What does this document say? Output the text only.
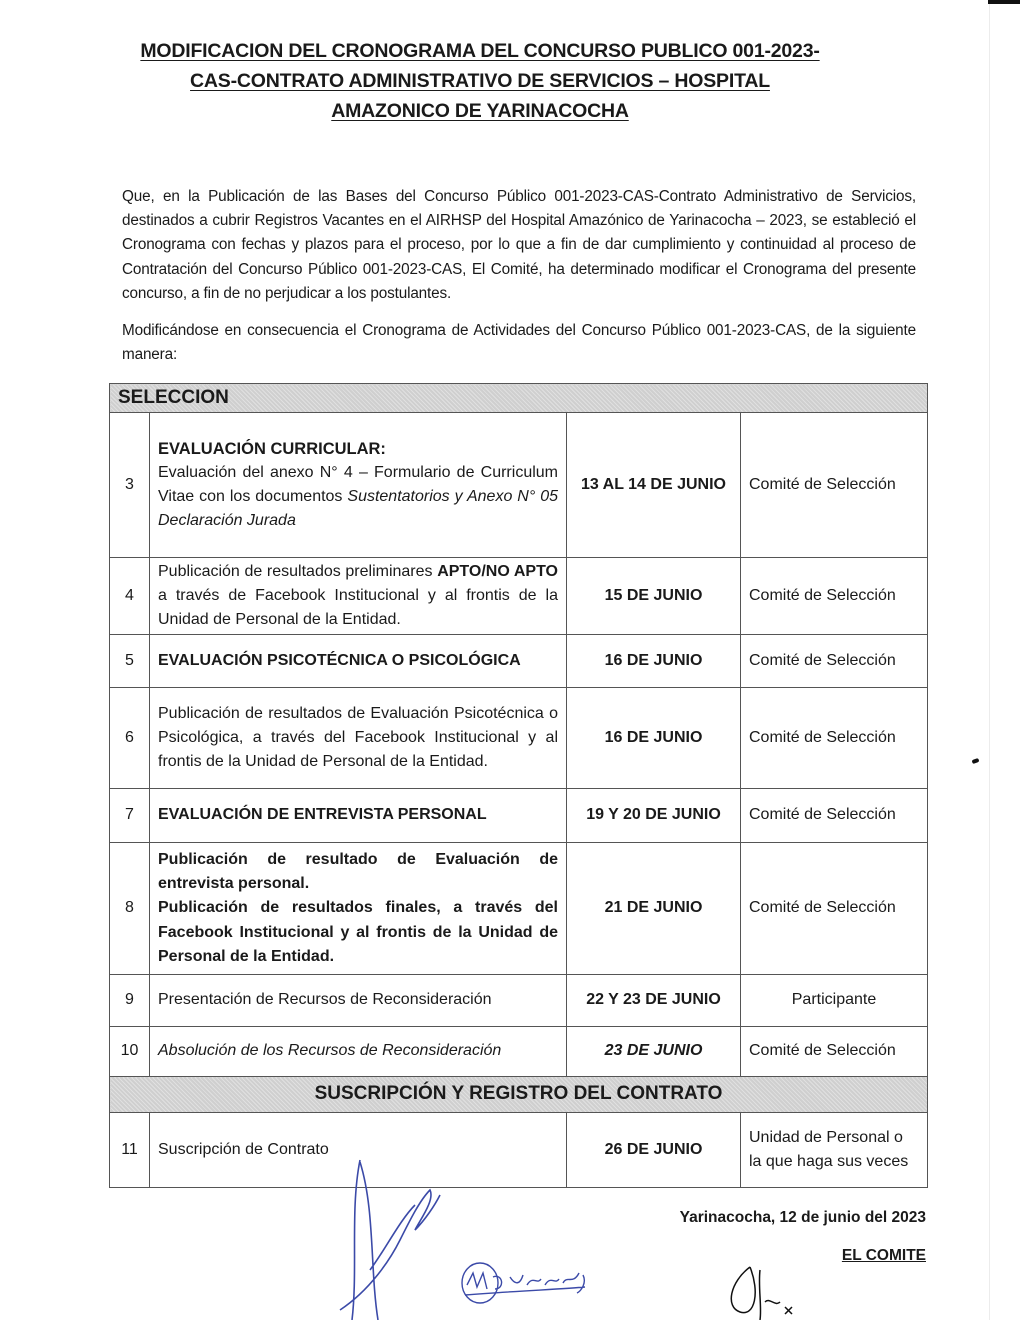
MODIFICACION DEL CRONOGRAMA DEL CONCURSO PUBLICO 001-2023-
CAS-CONTRATO ADMINISTRATIVO DE SERVICIOS – HOSPITAL
AMAZONICO DE YARINACOCHA

Que, en la Publicación de las Bases del Concurso Público 001-2023-CAS-Contrato Administrativo de Servicios, destinados a cubrir Registros Vacantes en el AIRHSP del Hospital Amazónico de Yarinacocha – 2023, se estableció el Cronograma con fechas y plazos para el proceso, por lo que a fin de dar cumplimiento y continuidad al proceso de Contratación del Concurso Público 001-2023-CAS, El Comité, ha determinado modificar el Cronograma del presente concurso, a fin de no perjudicar a los postulantes.

Modificándose en consecuencia el Cronograma de Actividades del Concurso Público 001-2023-CAS, de la siguiente manera:

SELECCION			
3	EVALUACIÓN CURRICULAR:
Evaluación del anexo N° 4 – Formulario de Curriculum Vitae con los documentos Sustentatorios y Anexo N° 05 Declaración Jurada	13 AL 14 DE JUNIO	Comité de Selección
4	Publicación de resultados preliminares APTO/NO APTO a través de Facebook Institucional y al frontis de la Unidad de Personal de la Entidad.	15 DE JUNIO	Comité de Selección
5	EVALUACIÓN PSICOTÉCNICA O PSICOLÓGICA	16 DE JUNIO	Comité de Selección
6	Publicación de resultados de Evaluación Psicotécnica o Psicológica, a través del Facebook Institucional y al frontis de la Unidad de Personal de la Entidad.	16 DE JUNIO	Comité de Selección
7	EVALUACIÓN DE ENTREVISTA PERSONAL	19 Y 20 DE JUNIO	Comité de Selección
8	Publicación de resultado de Evaluación de entrevista personal.
Publicación de resultados finales, a través del Facebook Institucional y al frontis de la Unidad de Personal de la Entidad.	21 DE JUNIO	Comité de Selección
9	Presentación de Recursos de Reconsideración	22 Y 23 DE JUNIO	Participante
10	Absolución de los Recursos de Reconsideración	23 DE JUNIO	Comité de Selección
SUSCRIPCIÓN Y REGISTRO DEL CONTRATO			
11	Suscripción de Contrato	26 DE JUNIO	Unidad de Personal o la que haga sus veces
Yarinacocha, 12 de junio del 2023
EL COMITE
